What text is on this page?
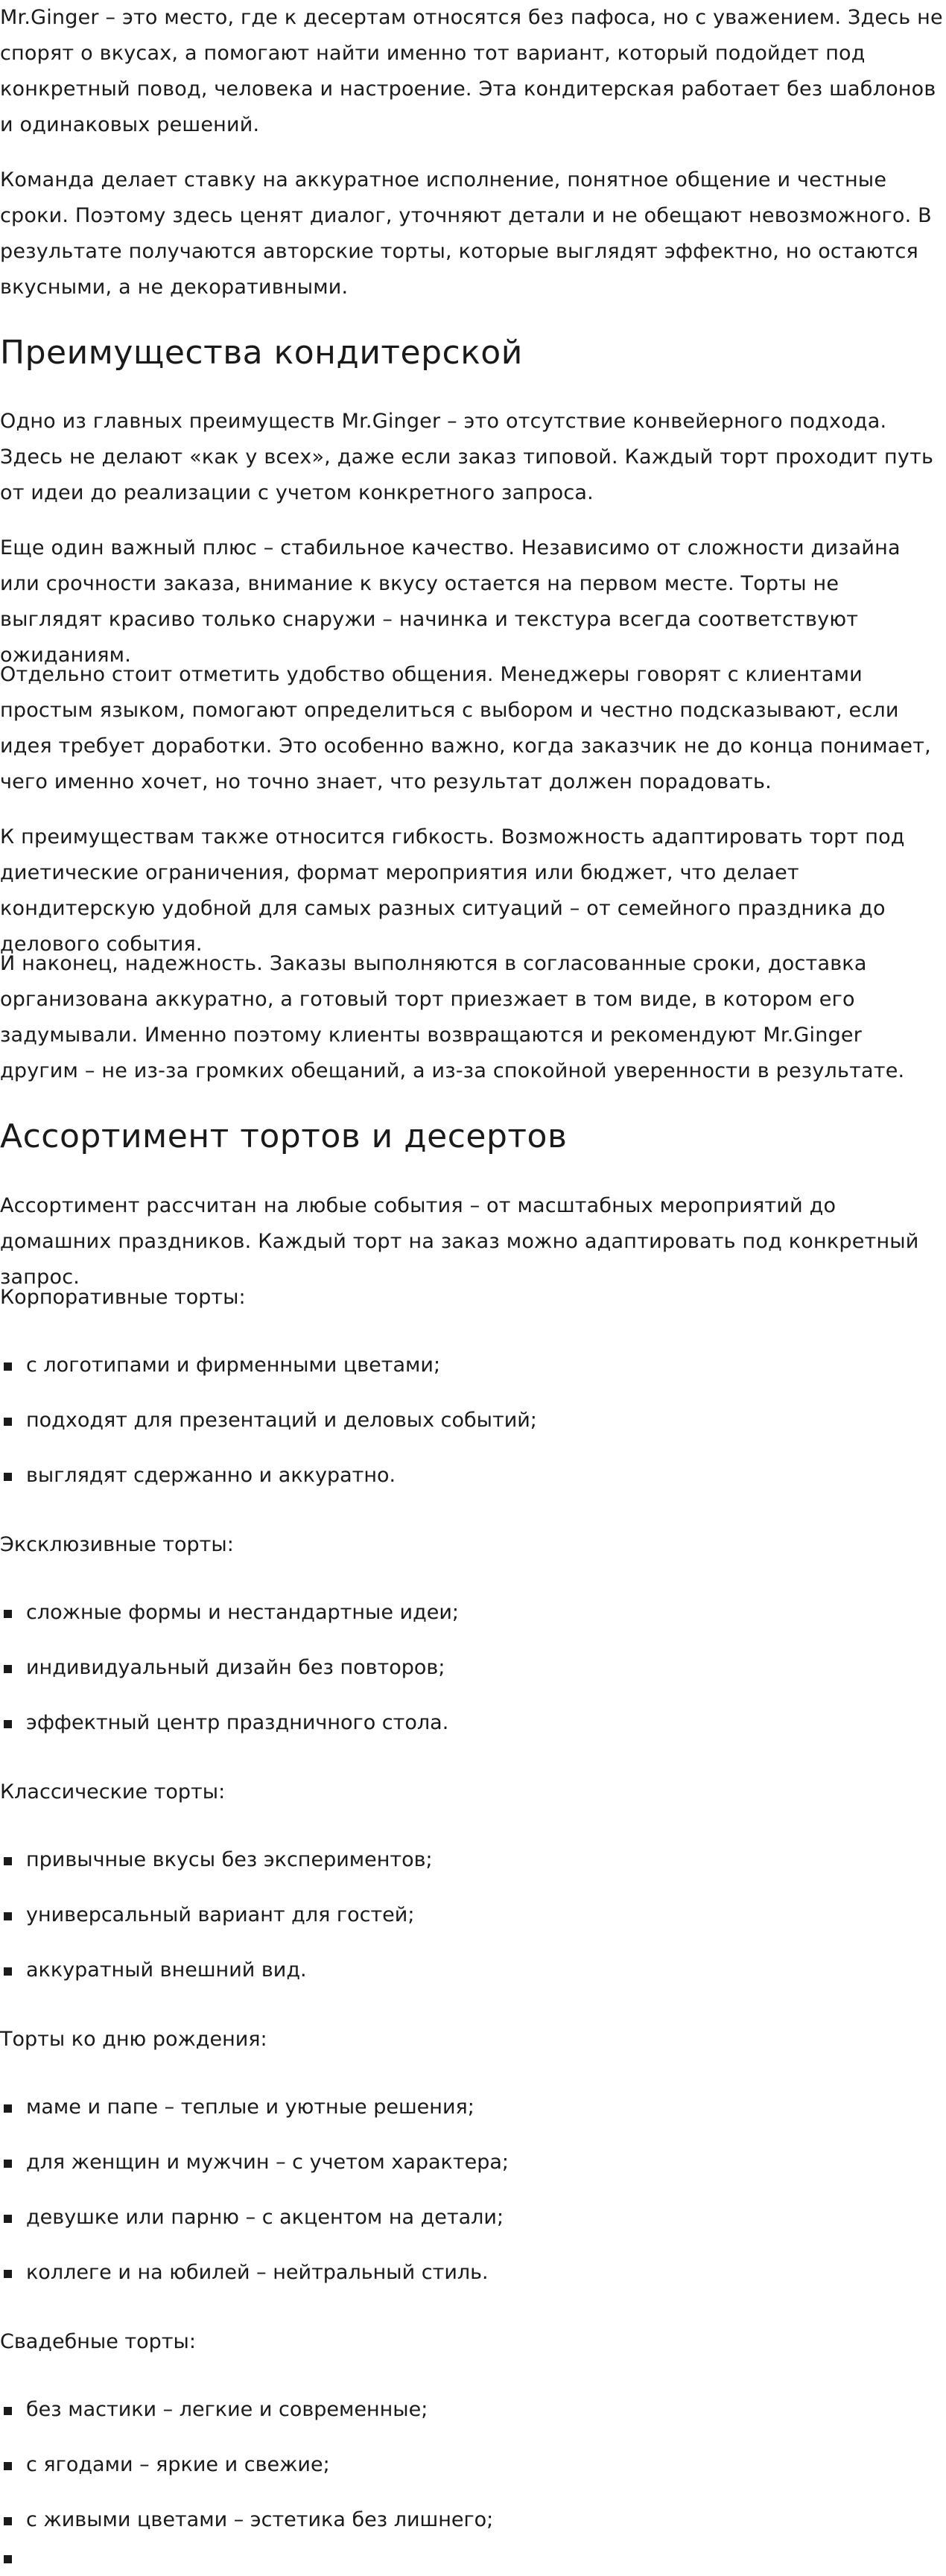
Mr.Ginger – это место, где к десертам относятся без пафоса, но с уважением. Здесь не спорят о вкусах, а помогают найти именно тот вариант, который подойдет под конкретный повод, человека и настроение. Эта кондитерская работает без шаблонов и одинаковых решений.

Команда делает ставку на аккуратное исполнение, понятное общение и честные сроки. Поэтому здесь ценят диалог, уточняют детали и не обещают невозможного. В результате получаются авторские торты, которые выглядят эффектно, но остаются вкусными, а не декоративными.

Преимущества кондитерской

Одно из главных преимуществ Mr.Ginger – это отсутствие конвейерного подхода. Здесь не делают «как у всех», даже если заказ типовой. Каждый торт проходит путь от идеи до реализации с учетом конкретного запроса.

Еще один важный плюс – стабильное качество. Независимо от сложности дизайна или срочности заказа, внимание к вкусу остается на первом месте. Торты не выглядят красиво только снаружи – начинка и текстура всегда соответствуют ожиданиям.

Отдельно стоит отметить удобство общения. Менеджеры говорят с клиентами простым языком, помогают определиться с выбором и честно подсказывают, если идея требует доработки. Это особенно важно, когда заказчик не до конца понимает, чего именно хочет, но точно знает, что результат должен порадовать.

К преимуществам также относится гибкость. Возможность адаптировать торт под диетические ограничения, формат мероприятия или бюджет, что делает кондитерскую удобной для самых разных ситуаций – от семейного праздника до делового события.

И наконец, надежность. Заказы выполняются в согласованные сроки, доставка организована аккуратно, а готовый торт приезжает в том виде, в котором его задумывали. Именно поэтому клиенты возвращаются и рекомендуют Mr.Ginger другим – не из-за громких обещаний, а из-за спокойной уверенности в результате.

Ассортимент тортов и десертов

Ассортимент рассчитан на любые события – от масштабных мероприятий до домашних праздников. Каждый торт на заказ можно адаптировать под конкретный запрос.

Корпоративные торты:
с логотипами и фирменными цветами;
подходят для презентаций и деловых событий;
выглядят сдержанно и аккуратно.
Эксклюзивные торты:
сложные формы и нестандартные идеи;
индивидуальный дизайн без повторов;
эффектный центр праздничного стола.
Классические торты:
привычные вкусы без экспериментов;
универсальный вариант для гостей;
аккуратный внешний вид.
Торты ко дню рождения:
маме и папе – теплые и уютные решения;
для женщин и мужчин – с учетом характера;
девушке или парню – с акцентом на детали;
коллеге и на юбилей – нейтральный стиль.
Свадебные торты:
без мастики – легкие и современные;
с ягодами – яркие и свежие;
с живыми цветами – эстетика без лишнего;
